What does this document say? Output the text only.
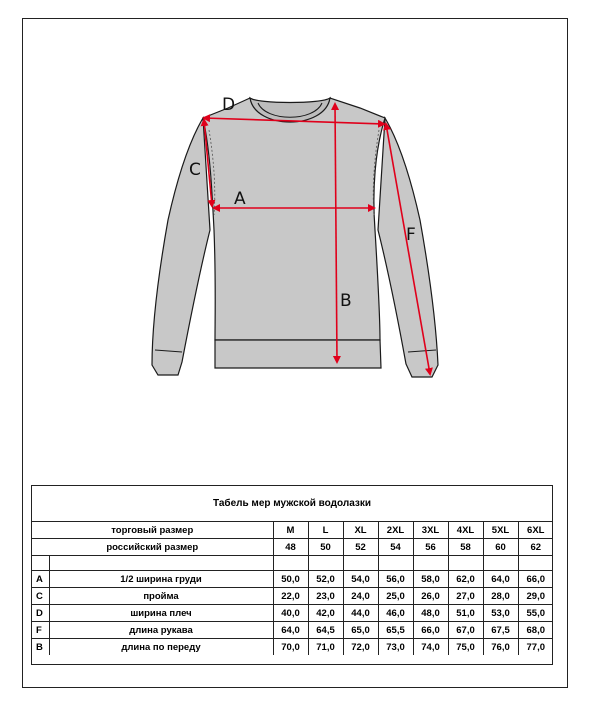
A
B
C
D
F
Табель мер мужской водолазки
торговый размер		M	L	XL	2XL	3XL	4XL	5XL	6XL
российский размер		48	50	52	54	56	58	60	62

A	1/2 ширина груди	50,0	52,0	54,0	56,0	58,0	62,0	64,0	66,0
C	пройма	22,0	23,0	24,0	25,0	26,0	27,0	28,0	29,0
D	ширина плеч	40,0	42,0	44,0	46,0	48,0	51,0	53,0	55,0
F	длина рукава	64,0	64,5	65,0	65,5	66,0	67,0	67,5	68,0
B	длина по переду	70,0	71,0	72,0	73,0	74,0	75,0	76,0	77,0
